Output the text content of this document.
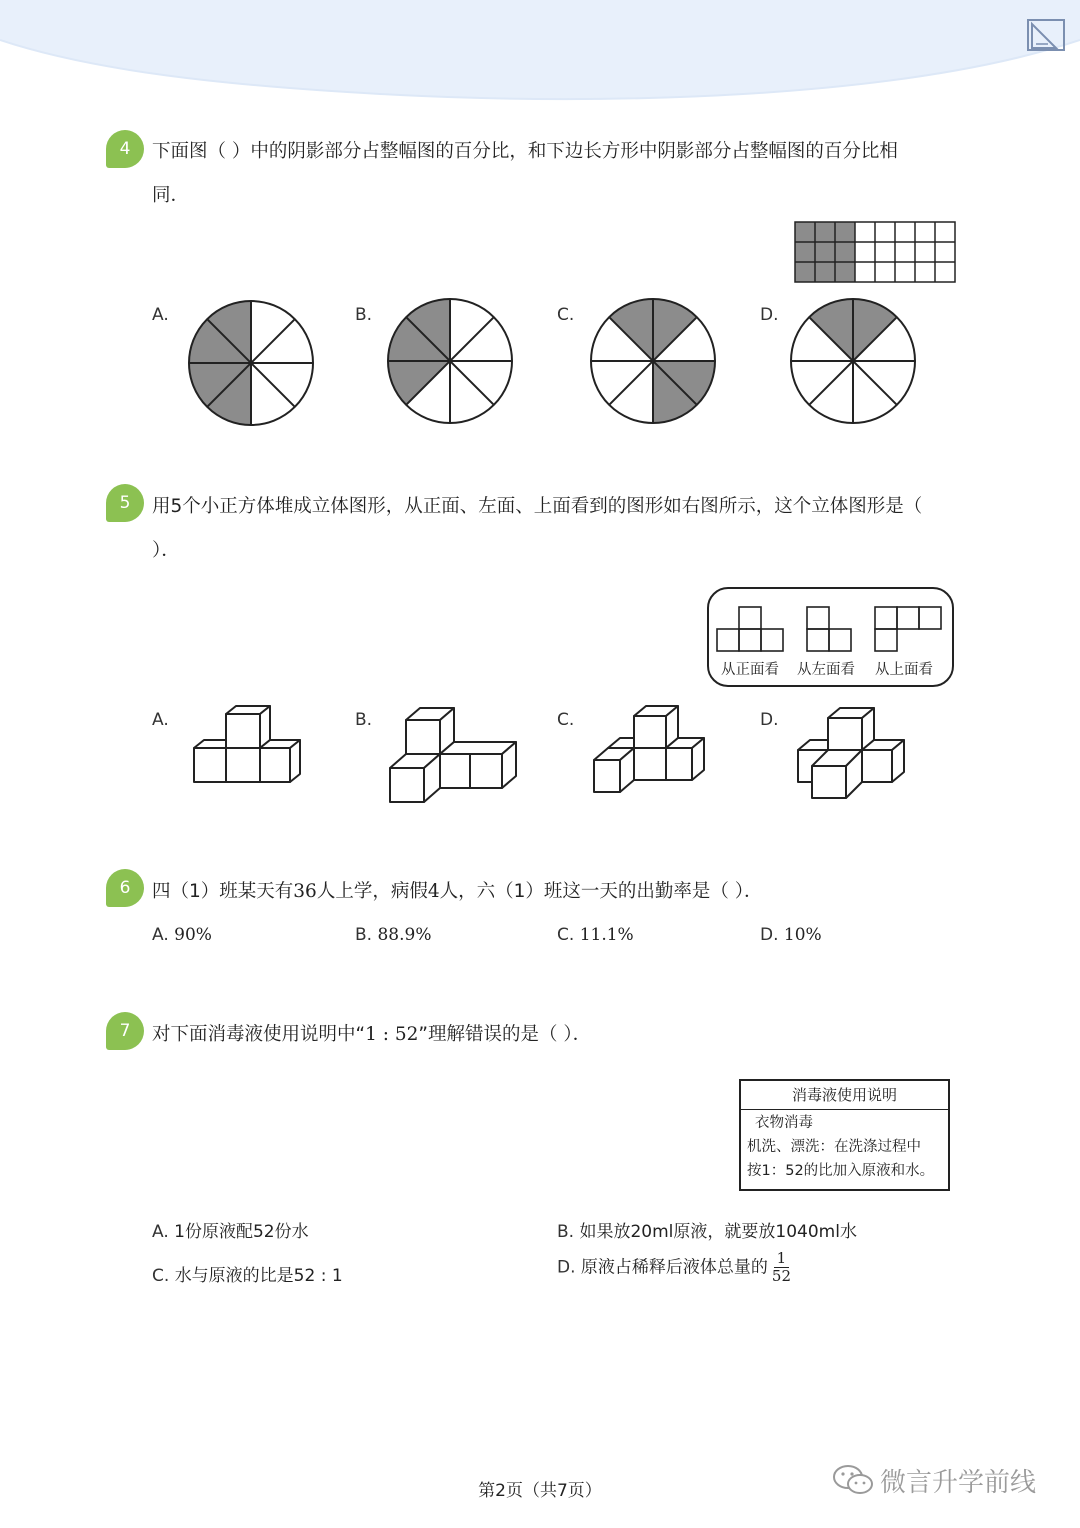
4	下面图（ ）中的阴影部分占整幅图的百分比，和下边长方形中阴影部分占整幅图的百分比相
同．
A.	B.	C.	D.
5	用5个小正方体堆成立体图形，从正面、左面、上面看到的图形如右图所示，这个立体图形是（
）．
从正面看 从左面看 从上面看
A.	B.	C.	D.
6	四（1）班某天有36人上学，病假4人，六（1）班这一天的出勤率是（ ）．
A. 90%	B. 88.9%	C. 11.1%	D. 10%
7	对下面消毒液使用说明中“1 : 52”理解错误的是（ ）．
消毒液使用说明
衣物消毒
机洗、漂洗：在洗涤过程中
按1：52的比加入原液和水。
A. 1份原液配52份水	B. 如果放20ml原液，就要放1040ml水
C. 水与原液的比是52 : 1	D. 原液占稀释后液体总量的 $\frac{1}{52}$
第2页（共7页）	微言升学前线
